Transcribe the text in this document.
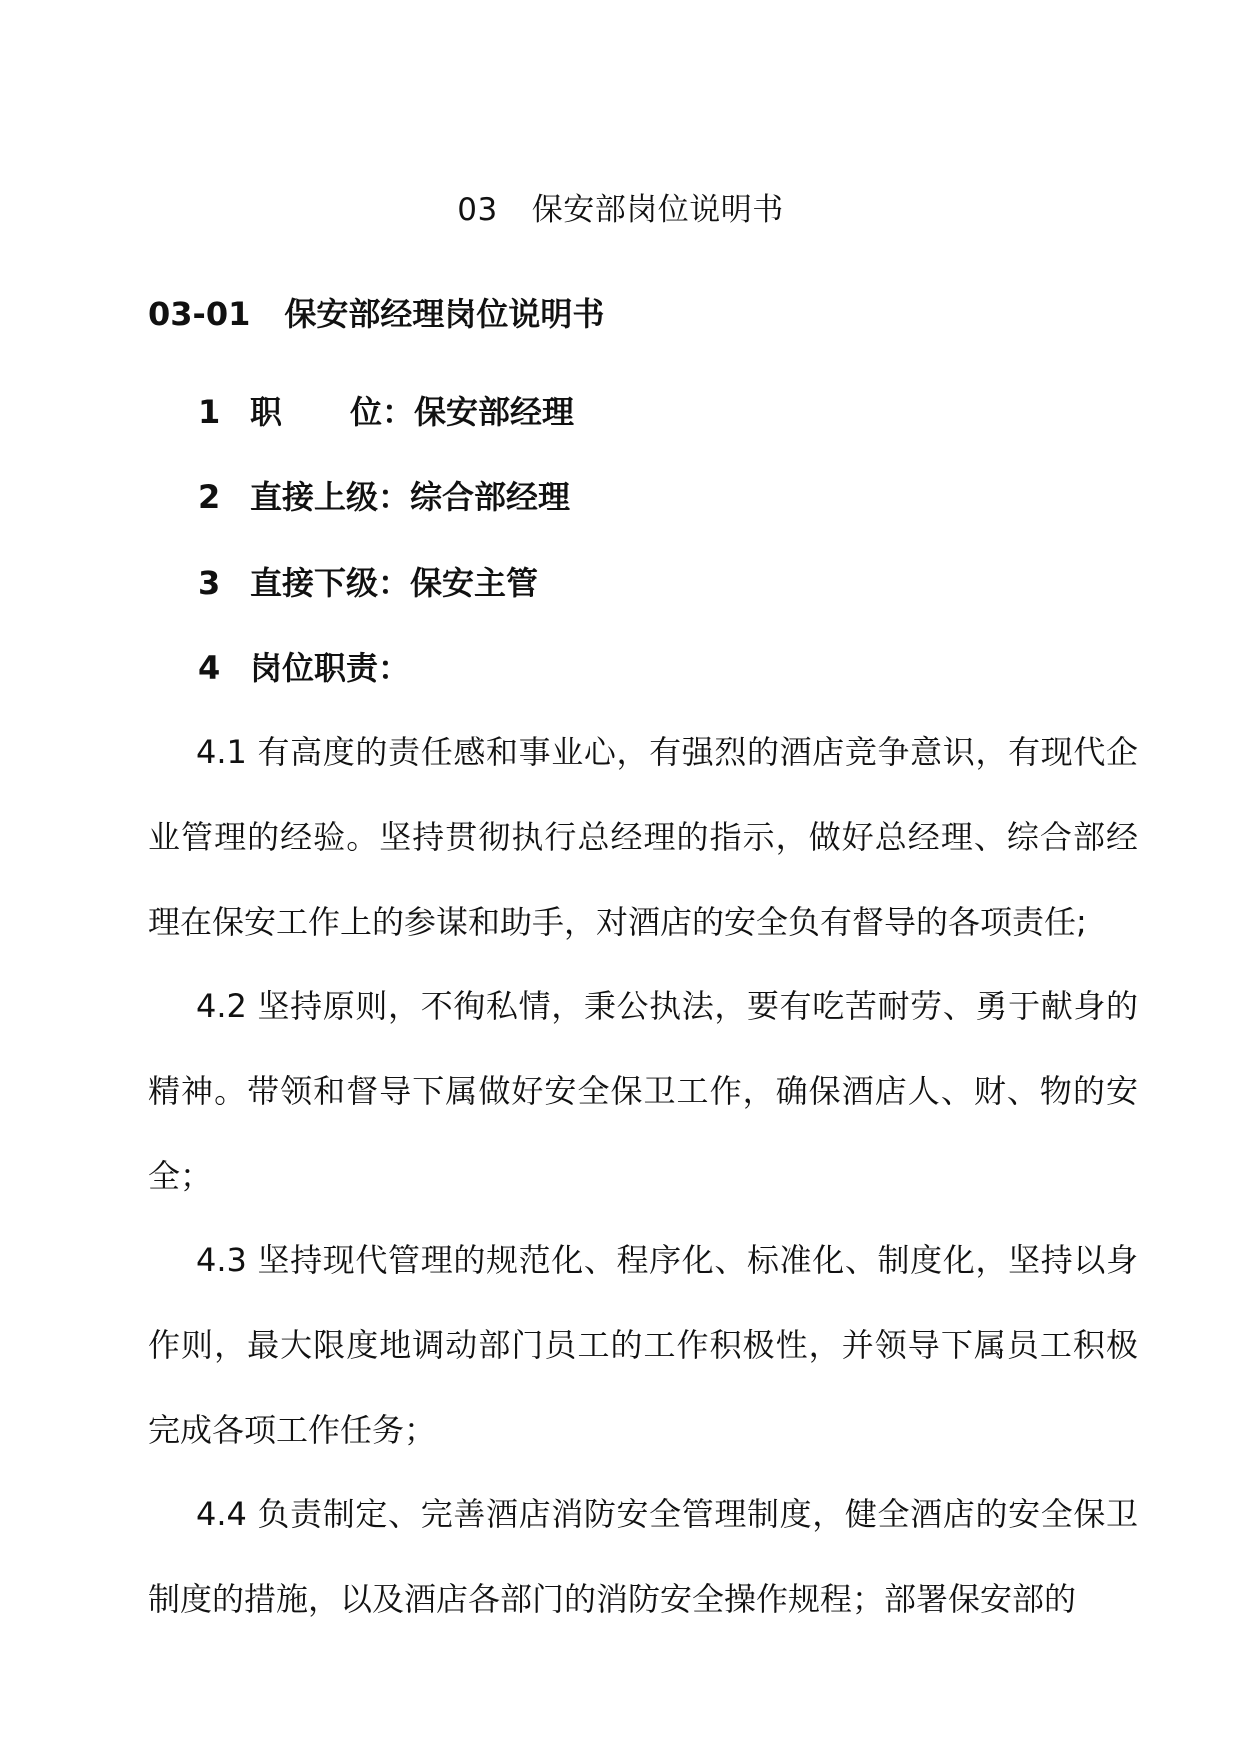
03 保安部岗位说明书
03-01 保安部经理岗位说明书
1 职 位：保安部经理
2 直接上级：综合部经理
3 直接下级：保安主管
4 岗位职责：

4.1 有高度的责任感和事业心，有强烈的酒店竞争意识，有现代企业管理的经验。坚持贯彻执行总经理的指示，做好总经理、综合部经理在保安工作上的参谋和助手，对酒店的安全负有督导的各项责任;

4.2 坚持原则，不徇私情，秉公执法，要有吃苦耐劳、勇于献身的精神。带领和督导下属做好安全保卫工作，确保酒店人、财、物的安全；

4.3 坚持现代管理的规范化、程序化、标准化、制度化，坚持以身作则，最大限度地调动部门员工的工作积极性，并领导下属员工积极完成各项工作任务；

4.4 负责制定、完善酒店消防安全管理制度，健全酒店的安全保卫制度的措施，以及酒店各部门的消防安全操作规程；部署保安部的
